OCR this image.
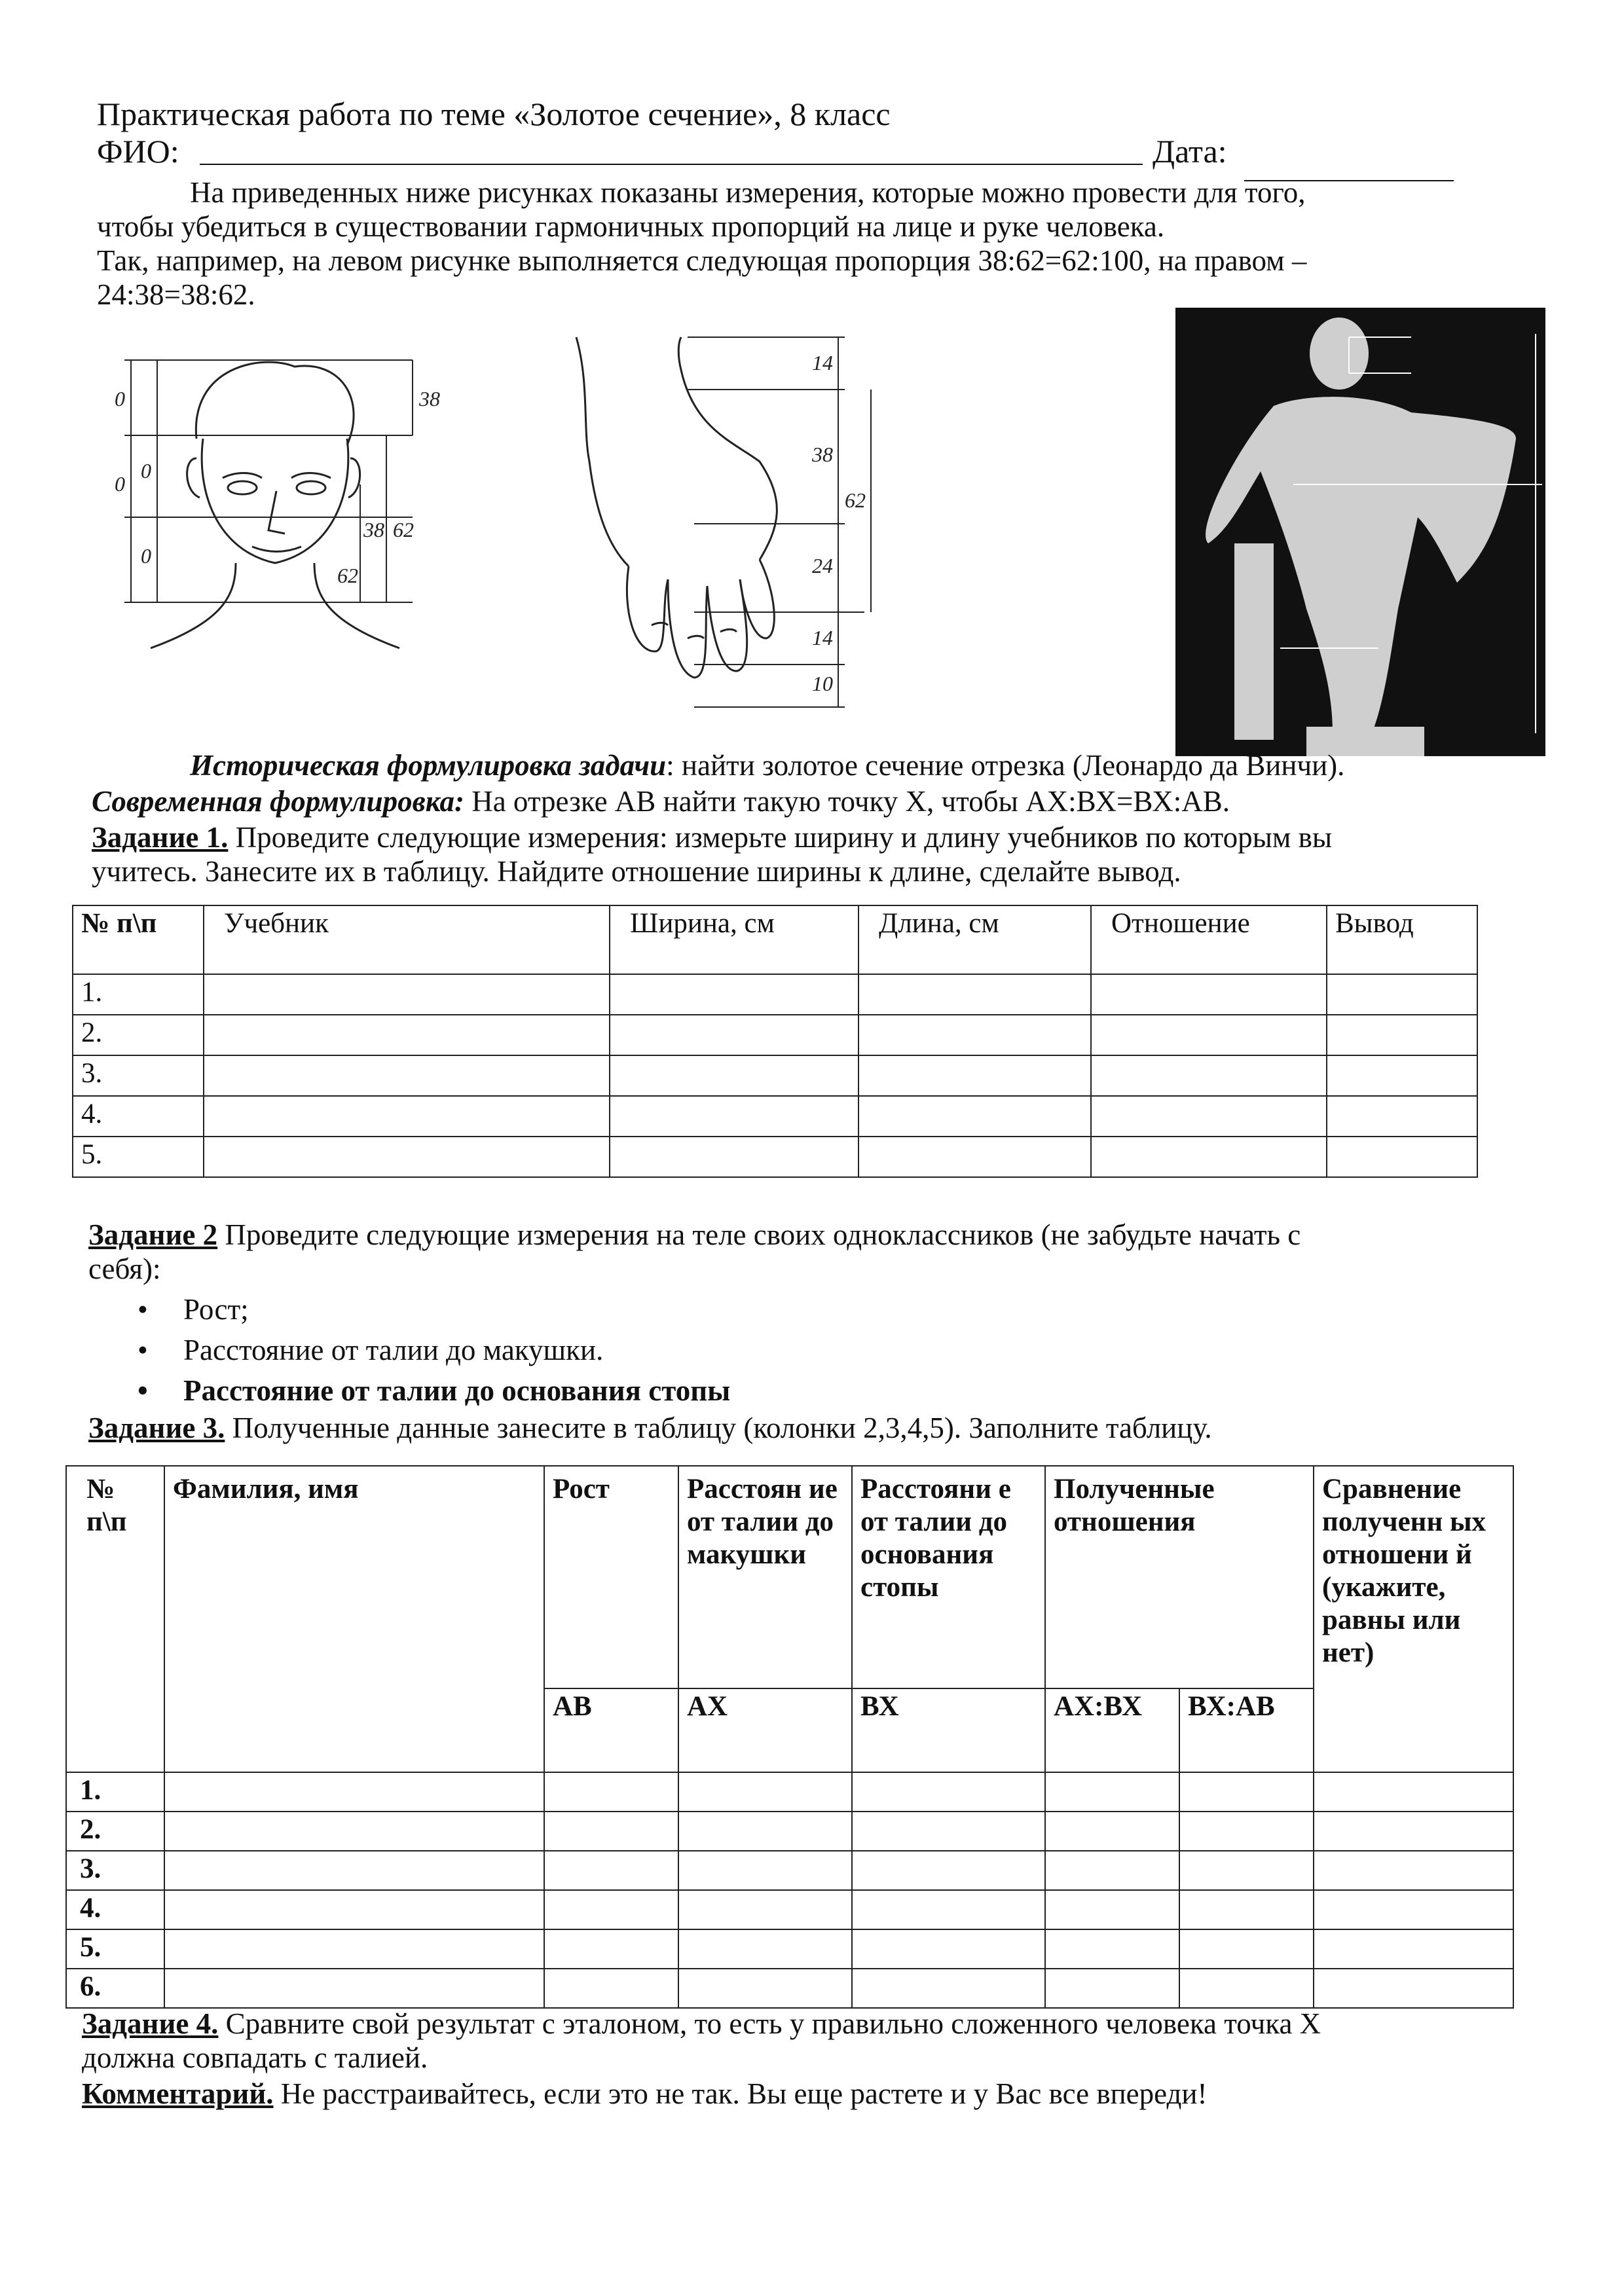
Практическая работа по теме «Золотое сечение», 8 класс
ФИО:	Дата:
На приведенных ниже рисунках показаны измерения, которые можно провести для того,
чтобы убедиться в существовании гармоничных пропорций на лице и руке человека.
Так, например, на левом рисунке выполняется следующая пропорция 38:62=62:100, на правом –
24:38=38:62.
0
0
0
0
38
38 62
62
14
38
62
24
14
10
Историческая формулировка задачи: найти золотое сечение отрезка (Леонардо да Винчи).
Современная формулировка: На отрезке АВ найти такую точку Х, чтобы АХ:ВХ=ВХ:АВ.
Задание 1. Проведите следующие измерения: измерьте ширину и длину учебников по которым вы
учитесь. Занесите их в таблицу. Найдите отношение ширины к длине, сделайте вывод.
№ п\п	Учебник	Ширина, см	Длина, см	Отношение	Вывод
1.					
2.					
3.					
4.					
5.					
Задание 2 Проведите следующие измерения на теле своих одноклассников (не забудьте начать с
себя):
• Рост;
• Расстояние от талии до макушки.
• Расстояние от талии до основания стопы
Задание 3. Полученные данные занесите в таблицу (колонки 2,3,4,5). Заполните таблицу.
№ п\п	Фамилия, имя	Рост	Расстоян ие от талии до макушки	Расстояни е от талии до основания стопы	Полученные отношения		Сравнение полученн ых отношени й (укажите, равны или нет)
		АВ	АХ	ВХ	АХ:ВХ	ВХ:АВ	
1.							
2.							
3.							
4.							
5.							
6.							
Задание 4. Сравните свой результат с эталоном, то есть у правильно сложенного человека точка Х
должна совпадать с талией.
Комментарий. Не расстраивайтесь, если это не так. Вы еще растете и у Вас все впереди!
